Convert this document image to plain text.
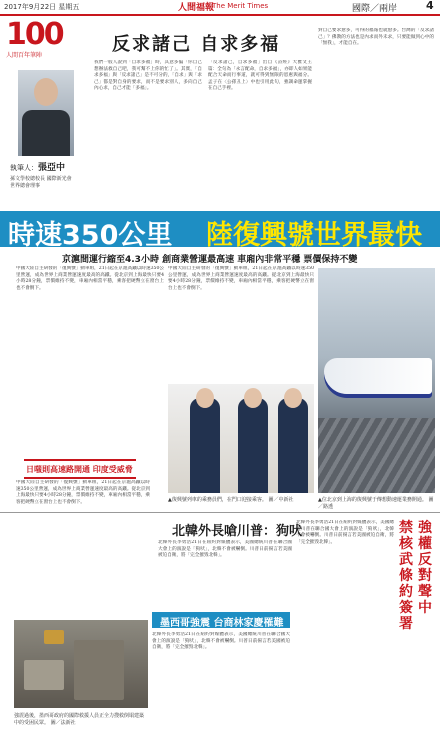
2017年9月22日 星期五	人間福報
The Merit Times	國際／兩岸	4
100
人間百年筆陣
反求諸己 自求多福
執筆人：張亞中
孫文學校總校長 國際新光會世界總會理事
我們一般人說到「自求多福」時，其意多偏「你自己想辦法救自己吧，我可幫不上你的忙了」。其實，「自求多福」與「反求諸己」是不可分的，「自求」與「求己」都是對自身的要求，而不是要求別人，多向自己內心求，自己才能「多福」。
「反求諸己，自求多福」出自《詩經》大雅文王篇：全句為「永言配命，自求多福」，亦即人如果能配合天命而行事道，就可得到無限的恩惠與福分。孟子在〈公孫丑上〉中也引用此句，強調命運掌握在自己手裡。
對自己要求愈多，可得的福報也就愈多。台灣的「反求諸己」？佛教的方法也是內求而外未求，只要能做到心中的「無我」，才能自在。
時速350公里 陸復興號世界最快
京滬間運行縮至4.3小時 創商業營運最高速 車廂內非常平穩 票價保持不變
中國大陸自主研發的「復興號」動車組，21日起在京滬高鐵以時速350公里營運，成為世界上商業營運速度最高的高鐵。從北京到上海最快只要4小時28分鐘，票價維持不變，車廂內相當平穩，乘客把硬幣立在窗台上也不會倒下。
中國大陸自主研發的「復興號」動車組，21日起在京滬高鐵以時速350公里營運，成為世界上商業營運速度最高的高鐵。從北京到上海最快只要4小時28分鐘，票價維持不變，車廂內相當平穩，乘客把硬幣立在窗台上也不會倒下。
日嗤則高速路開通 印度受威脅
中國大陸自主研發的「復興號」動車組，21日起在京滬高鐵以時速350公里營運，成為世界上商業營運速度最高的高鐵。從北京到上海最快只要4小時28分鐘，票價維持不變，車廂內相當平穩，乘客把硬幣立在窗台上也不會倒下。	▲位北京到上海的復興號于傳想動速運業務開通。 圖／路透
▲復興號列車的乘務員們，在門口迎接乘客。 圖／中新社
北韓外長嗆川普：狗吠
北韓外長李勇浩21日在紐約對媒體表示，美國總統川普在聯合國大會上的演說是「狗吠」，北韓不會被嚇倒。川普日前揚言若美國被迫自衛，將「完全摧毀北韓」。
北韓外長李勇浩21日在紐約對媒體表示，美國總統川普在聯合國大會上的演說是「狗吠」，北韓不會被嚇倒。川普日前揚言若美國被迫自衛，將「完全摧毀北韓」。
墨西哥強震 台商林家慶罹難
北韓外長李勇浩21日在紐約對媒體表示，美國總統川普在聯合國大會上的演說是「狗吠」，北韓不會被嚇倒。川普日前揚言若美國被迫自衛，將「完全摧毀北韓」。
強震過後，墨西哥政府的國際救援人員正全力搜救倒塌建築中的受困民眾。 圖／法新社
強權反對聲中
禁核武條約簽署
